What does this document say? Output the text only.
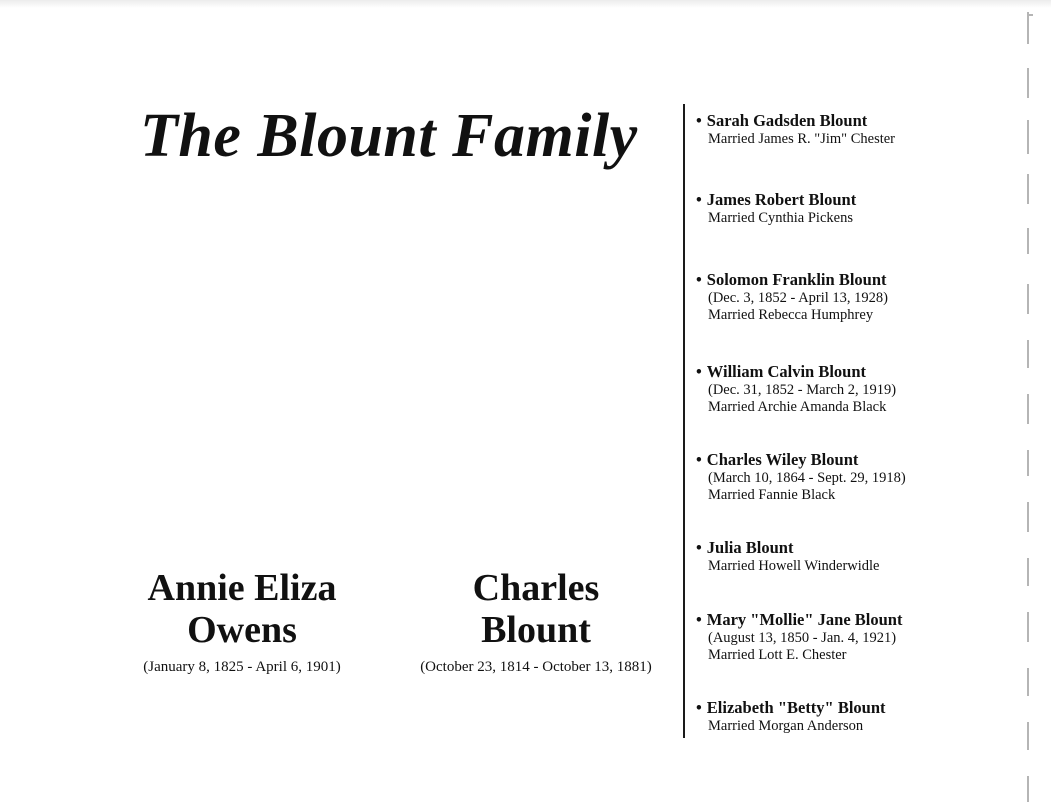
The Blount Family
Annie Eliza
Owens
(January 8, 1825 - April 6, 1901)
Charles
Blount
(October 23, 1814 - October 13, 1881)
• Sarah Gadsden Blount
Married James R. "Jim" Chester
• James Robert Blount
Married Cynthia Pickens
• Solomon Franklin Blount
(Dec. 3, 1852 - April 13, 1928)
Married Rebecca Humphrey
• William Calvin Blount
(Dec. 31, 1852 - March 2, 1919)
Married Archie Amanda Black
• Charles Wiley Blount
(March 10, 1864 - Sept. 29, 1918)
Married Fannie Black
• Julia Blount
Married Howell Winderwidle
• Mary "Mollie" Jane Blount
(August 13, 1850 - Jan. 4, 1921)
Married Lott E. Chester
• Elizabeth "Betty" Blount
Married Morgan Anderson
